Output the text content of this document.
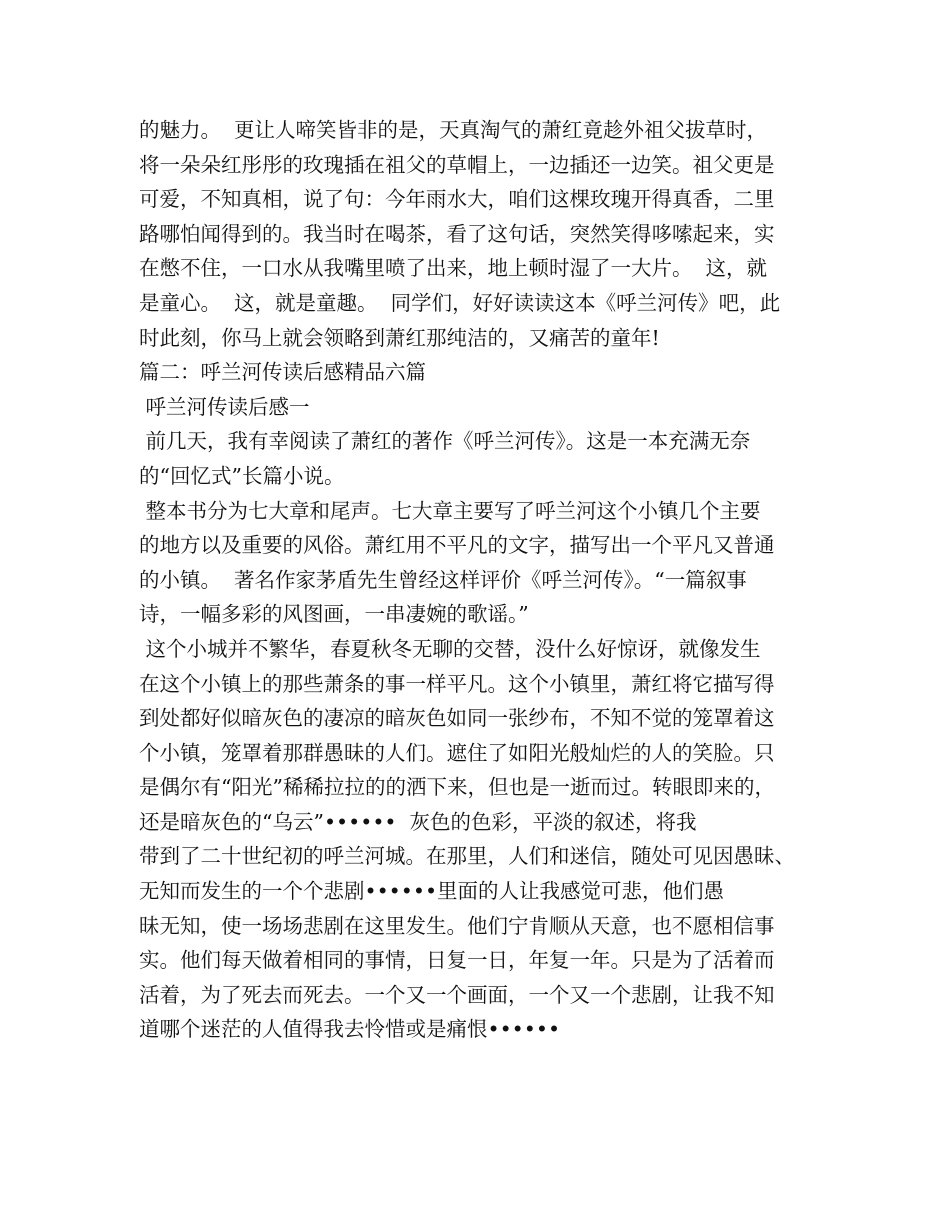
的魅力。  更让人啼笑皆非的是，天真淘气的萧红竟趁外祖父拔草时，
将一朵朵红彤彤的玫瑰插在祖父的草帽上，一边插还一边笑。祖父更是
可爱，不知真相，说了句：今年雨水大，咱们这棵玫瑰开得真香，二里
路哪怕闻得到的。我当时在喝茶，看了这句话，突然笑得哆嗦起来，实
在憋不住，一口水从我嘴里喷了出来，地上顿时湿了一大片。  这，就
是童心。  这，就是童趣。  同学们，好好读读这本《呼兰河传》吧，此
时此刻，你马上就会领略到萧红那纯洁的，又痛苦的童年!
篇二：呼兰河传读后感精品六篇
呼兰河传读后感一
前几天，我有幸阅读了萧红的著作《呼兰河传》。这是一本充满无奈
的“回忆式”长篇小说。
整本书分为七大章和尾声。七大章主要写了呼兰河这个小镇几个主要
的地方以及重要的风俗。萧红用不平凡的文字，描写出一个平凡又普通
的小镇。  著名作家茅盾先生曾经这样评价《呼兰河传》。“一篇叙事
诗，一幅多彩的风图画，一串凄婉的歌谣。”
这个小城并不繁华，春夏秋冬无聊的交替，没什么好惊讶，就像发生
在这个小镇上的那些萧条的事一样平凡。这个小镇里，萧红将它描写得
到处都好似暗灰色的凄凉的暗灰色如同一张纱布，不知不觉的笼罩着这
个小镇，笼罩着那群愚昧的人们。遮住了如阳光般灿烂的人的笑脸。只
是偶尔有“阳光”稀稀拉拉的的洒下来，但也是一逝而过。转眼即来的，
还是暗灰色的“乌云”••••••  灰色的色彩，平淡的叙述，将我
带到了二十世纪初的呼兰河城。在那里，人们和迷信，随处可见因愚昧、
无知而发生的一个个悲剧••••••里面的人让我感觉可悲，他们愚
昧无知，使一场场悲剧在这里发生。他们宁肯顺从天意，也不愿相信事
实。他们每天做着相同的事情，日复一日，年复一年。只是为了活着而
活着，为了死去而死去。一个又一个画面，一个又一个悲剧，让我不知
道哪个迷茫的人值得我去怜惜或是痛恨••••••
